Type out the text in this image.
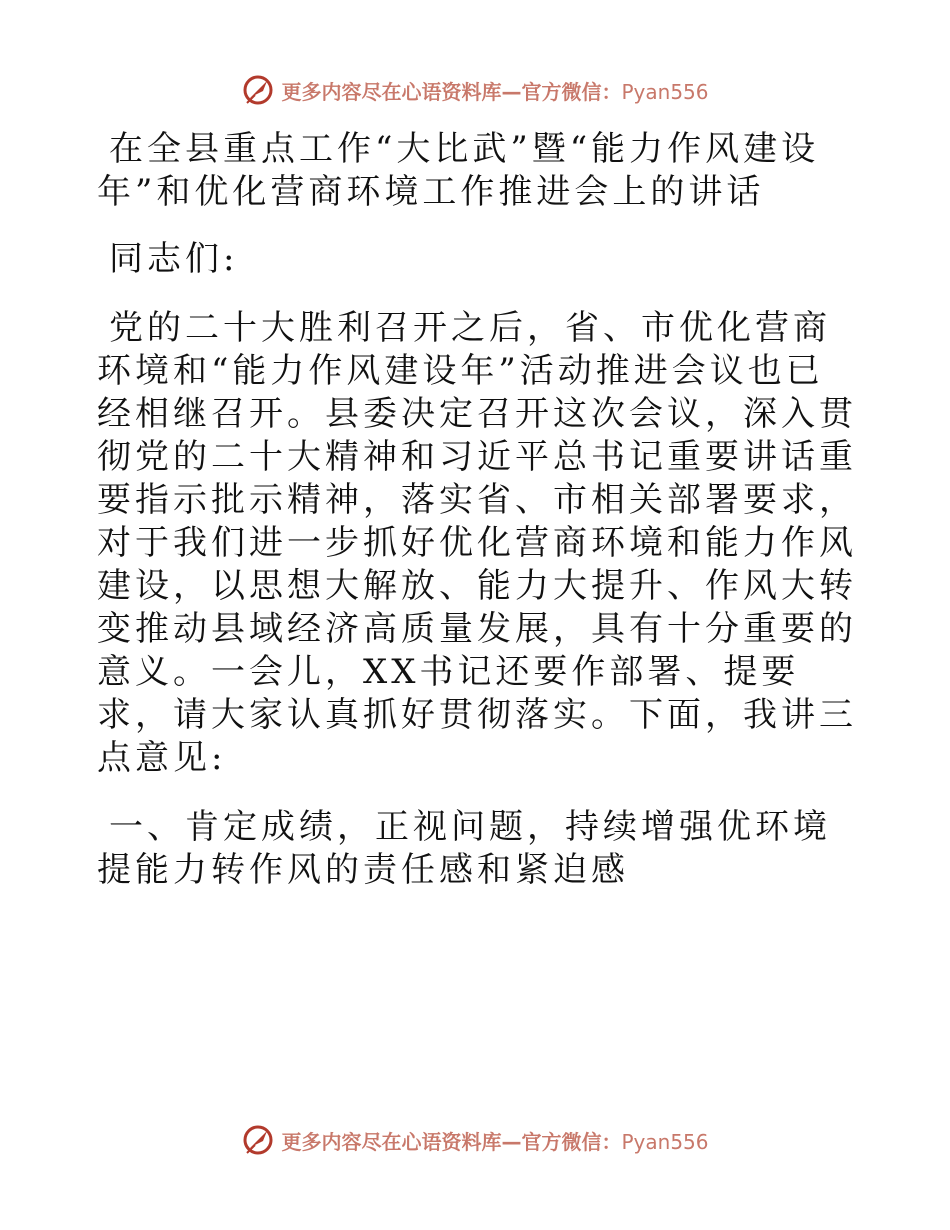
更多内容尽在心语资料库—官方微信：Pyan556

在全县重点工作“大比武”暨“能力作风建设

年”和优化营商环境工作推进会上的讲话

同志们:

党的二十大胜利召开之后，省、市优化营商环境和“能力作风建设年”活动推进会议也已经相继召开。县委决定召开这次会议，深入贯彻党的二十大精神和习近平总书记重要讲话重要指示批示精神，落实省、市相关部署要求，对于我们进一步抓好优化营商环境和能力作风建设，以思想大解放、能力大提升、作风大转变推动县域经济高质量发展，具有十分重要的意义。一会儿，XX书记还要作部署、提要求，请大家认真抓好贯彻落实。下面，我讲三点意见:

一、肯定成绩，正视问题，持续增强优环境提能力转作风的责任感和紧迫感

更多内容尽在心语资料库—官方微信：Pyan556
